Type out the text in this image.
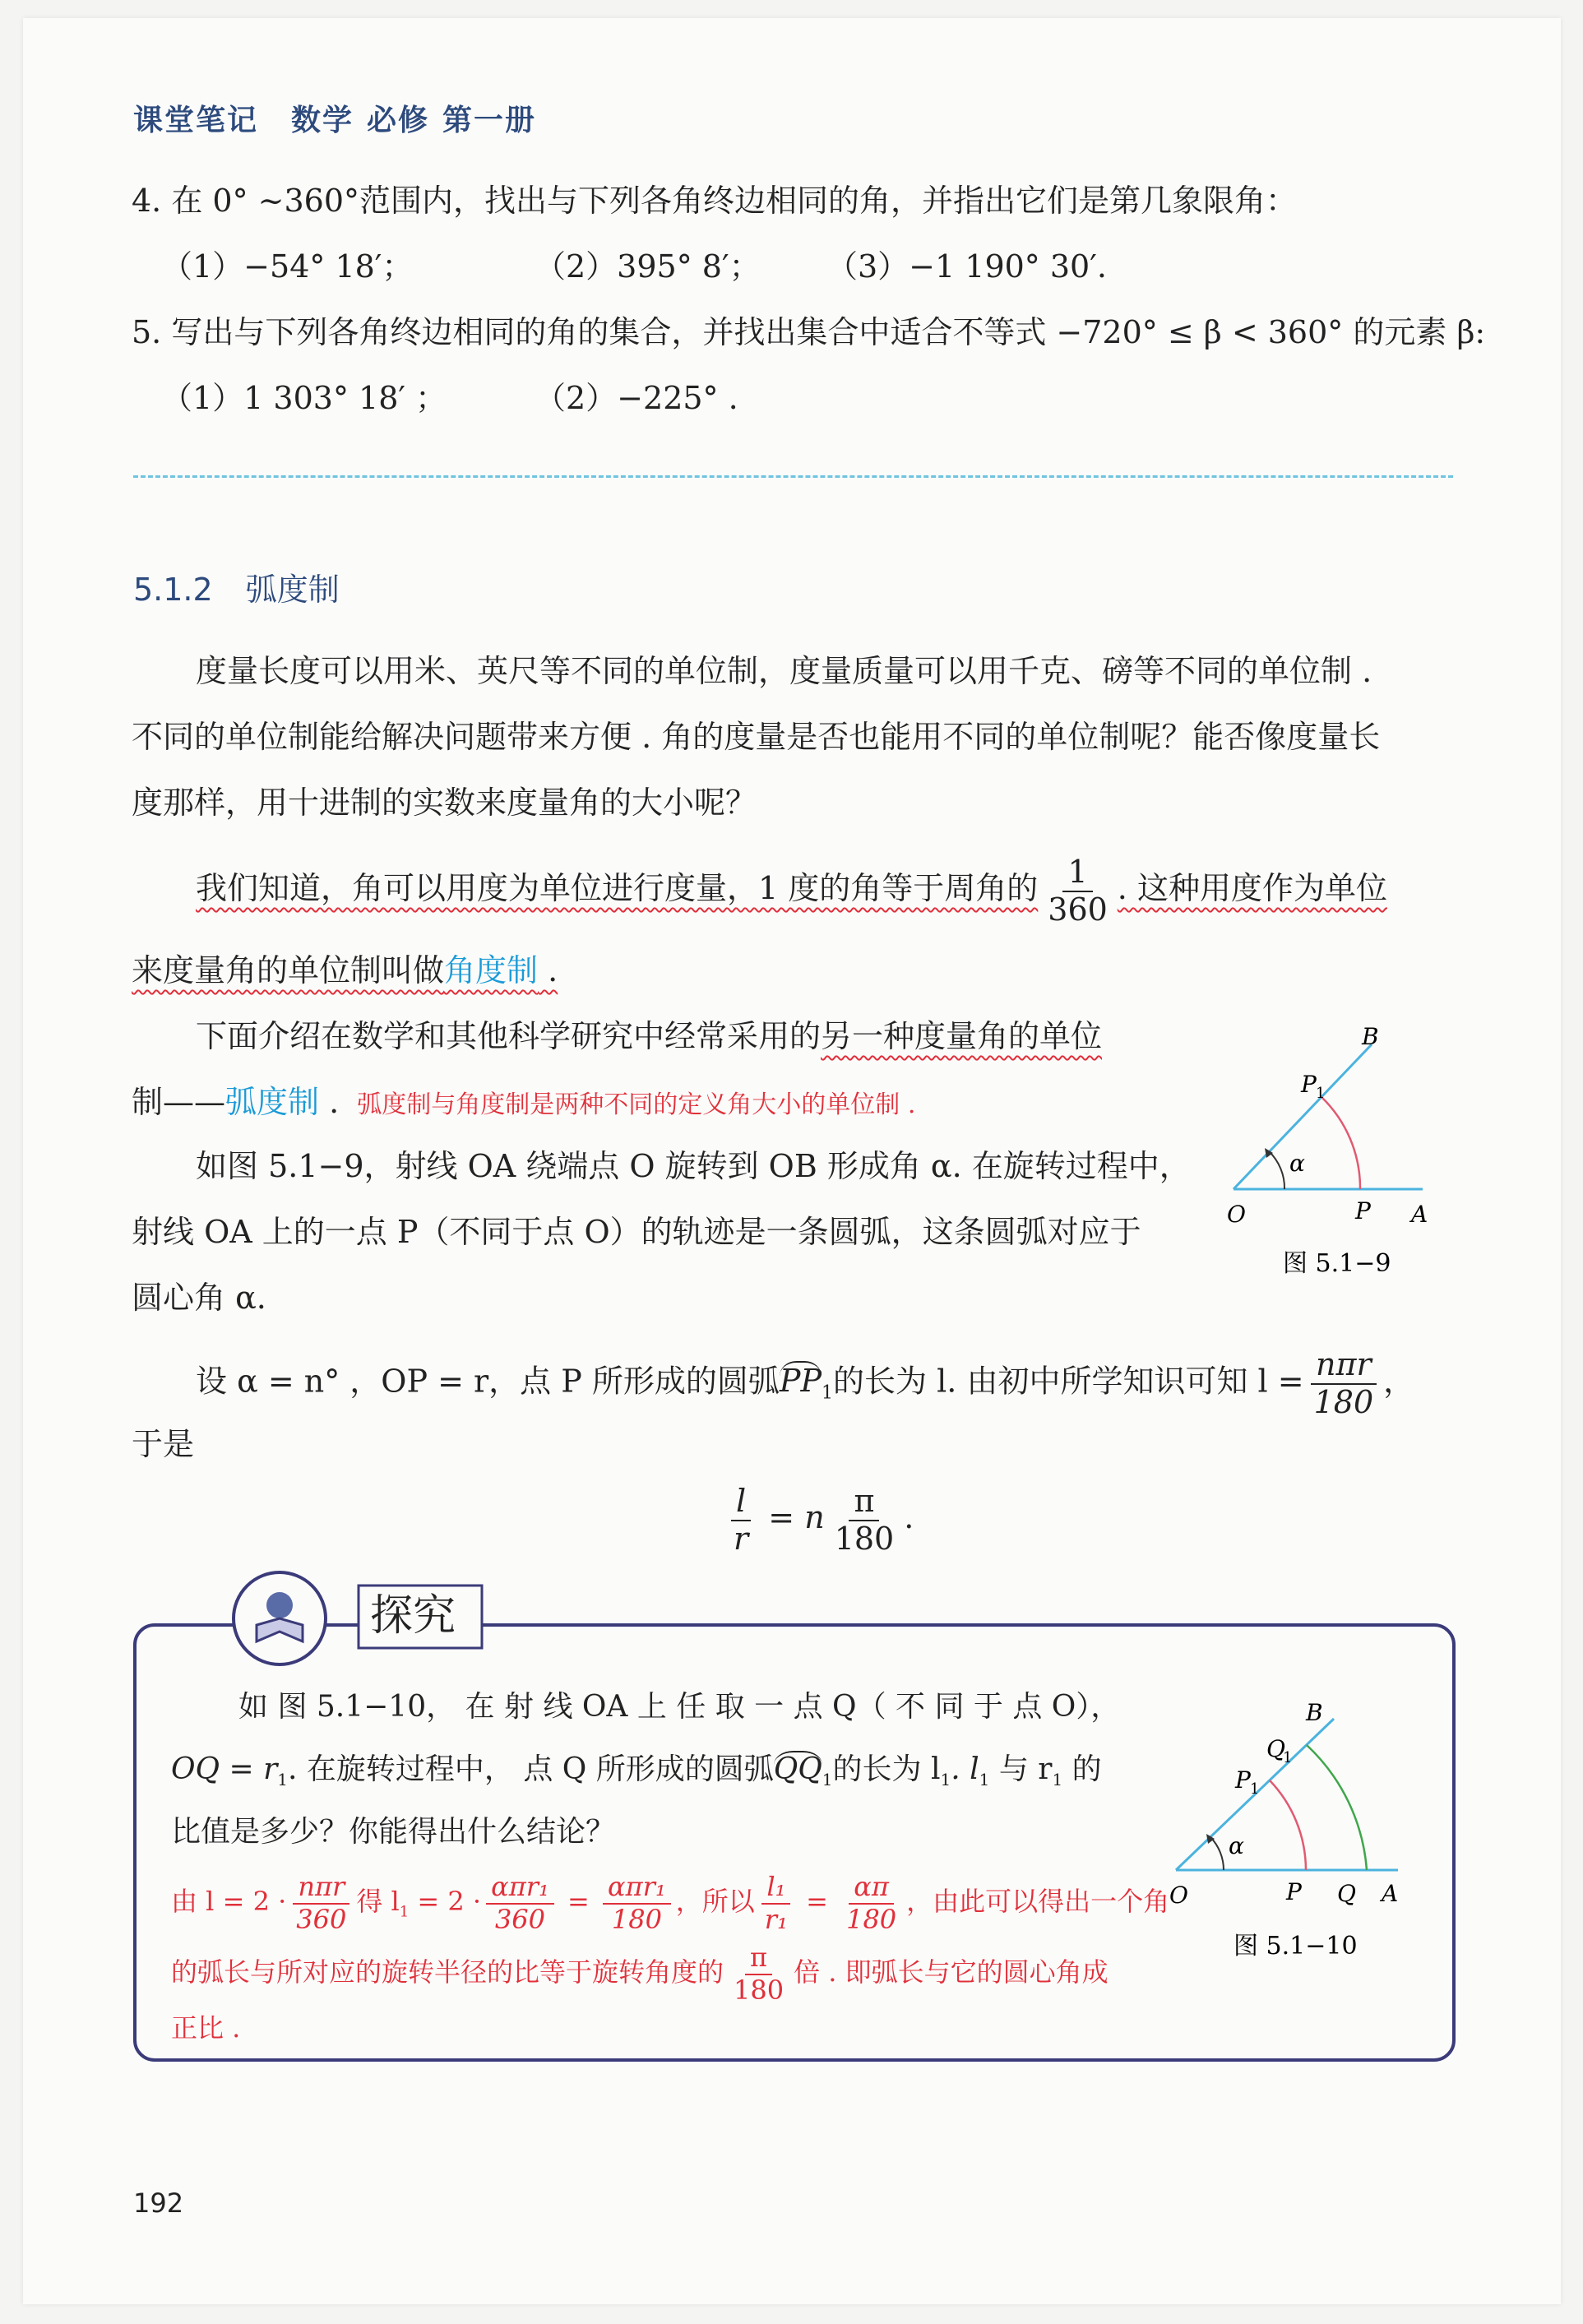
课堂笔记 数学 必修 第一册
4. 在 0° ~360°范围内，找出与下列各角终边相同的角，并指出它们是第几象限角：
（1）−54° 18′；	（2）395° 8′； （3）−1 190° 30′.
5. 写出与下列各角终边相同的角的集合，并找出集合中适合不等式 −720° ≤ β < 360° 的元素 β:
（1）1 303° 18′ ；	（2）−225° .
5.1.2 弧度制
度量长度可以用米、英尺等不同的单位制，度量质量可以用千克、磅等不同的单位制 .
不同的单位制能给解决问题带来方便 . 角的度量是否也能用不同的单位制呢？能否像度量长
度那样，用十进制的实数来度量角的大小呢？
我们知道，角可以用度为单位进行度量，1 度的角等于周角的 $\frac{1}{360}$ . 这种用度作为单位
来度量角的单位制叫做角度制 .
下面介绍在数学和其他科学研究中经常采用的另一种度量角的单位
制——弧度制 . 弧度制与角度制是两种不同的定义角大小的单位制 .
如图 5.1−9，射线 OA 绕端点 O 旋转到 OB 形成角 α. 在旋转过程中，
射线 OA 上的一点 P（不同于点 O）的轨迹是一条圆弧，这条圆弧对应于
圆心角 α.
B
P 1
α
O	P A
图 5.1−9
设 α = n° ，OP = r，点 P 所形成的圆弧$PP_1$的长为 l. 由初中所学知识可知 $l = \frac{\text{nπr}}{180}$ ，
于是
$\frac{l}{r} = n \frac{\pi}{180}$ .
探究
如 图 5.1−10， 在 射 线 OA 上 任 取 一 点 Q（ 不 同 于 点 O），
OQ = $r_1$. 在旋转过程中， 点 Q 所形成的圆弧$QQ_1$的长为 $l_1$. $l_1$ 与 $r_1$ 的
比值是多少？你能得出什么结论？
由 $l = 2 \cdot \frac{\text{nπr}}{360}$ 得 $l_1 = 2 \cdot \frac{\text{απr₁}}{360} = \frac{\text{απr₁}}{180}$ ，所以 $\frac{\text{l₁}}{\text{r₁}} = \frac{\alpha\pi}{180}$ ，由此可以得出一个角
的弧长与所对应的旋转半径的比等于旋转角度的 $\frac{\pi}{180}$ 倍 . 即弧长与它的圆心角成
正比 .
B
Q
1
P 1
α
O	P Q A
图 5.1−10
192
